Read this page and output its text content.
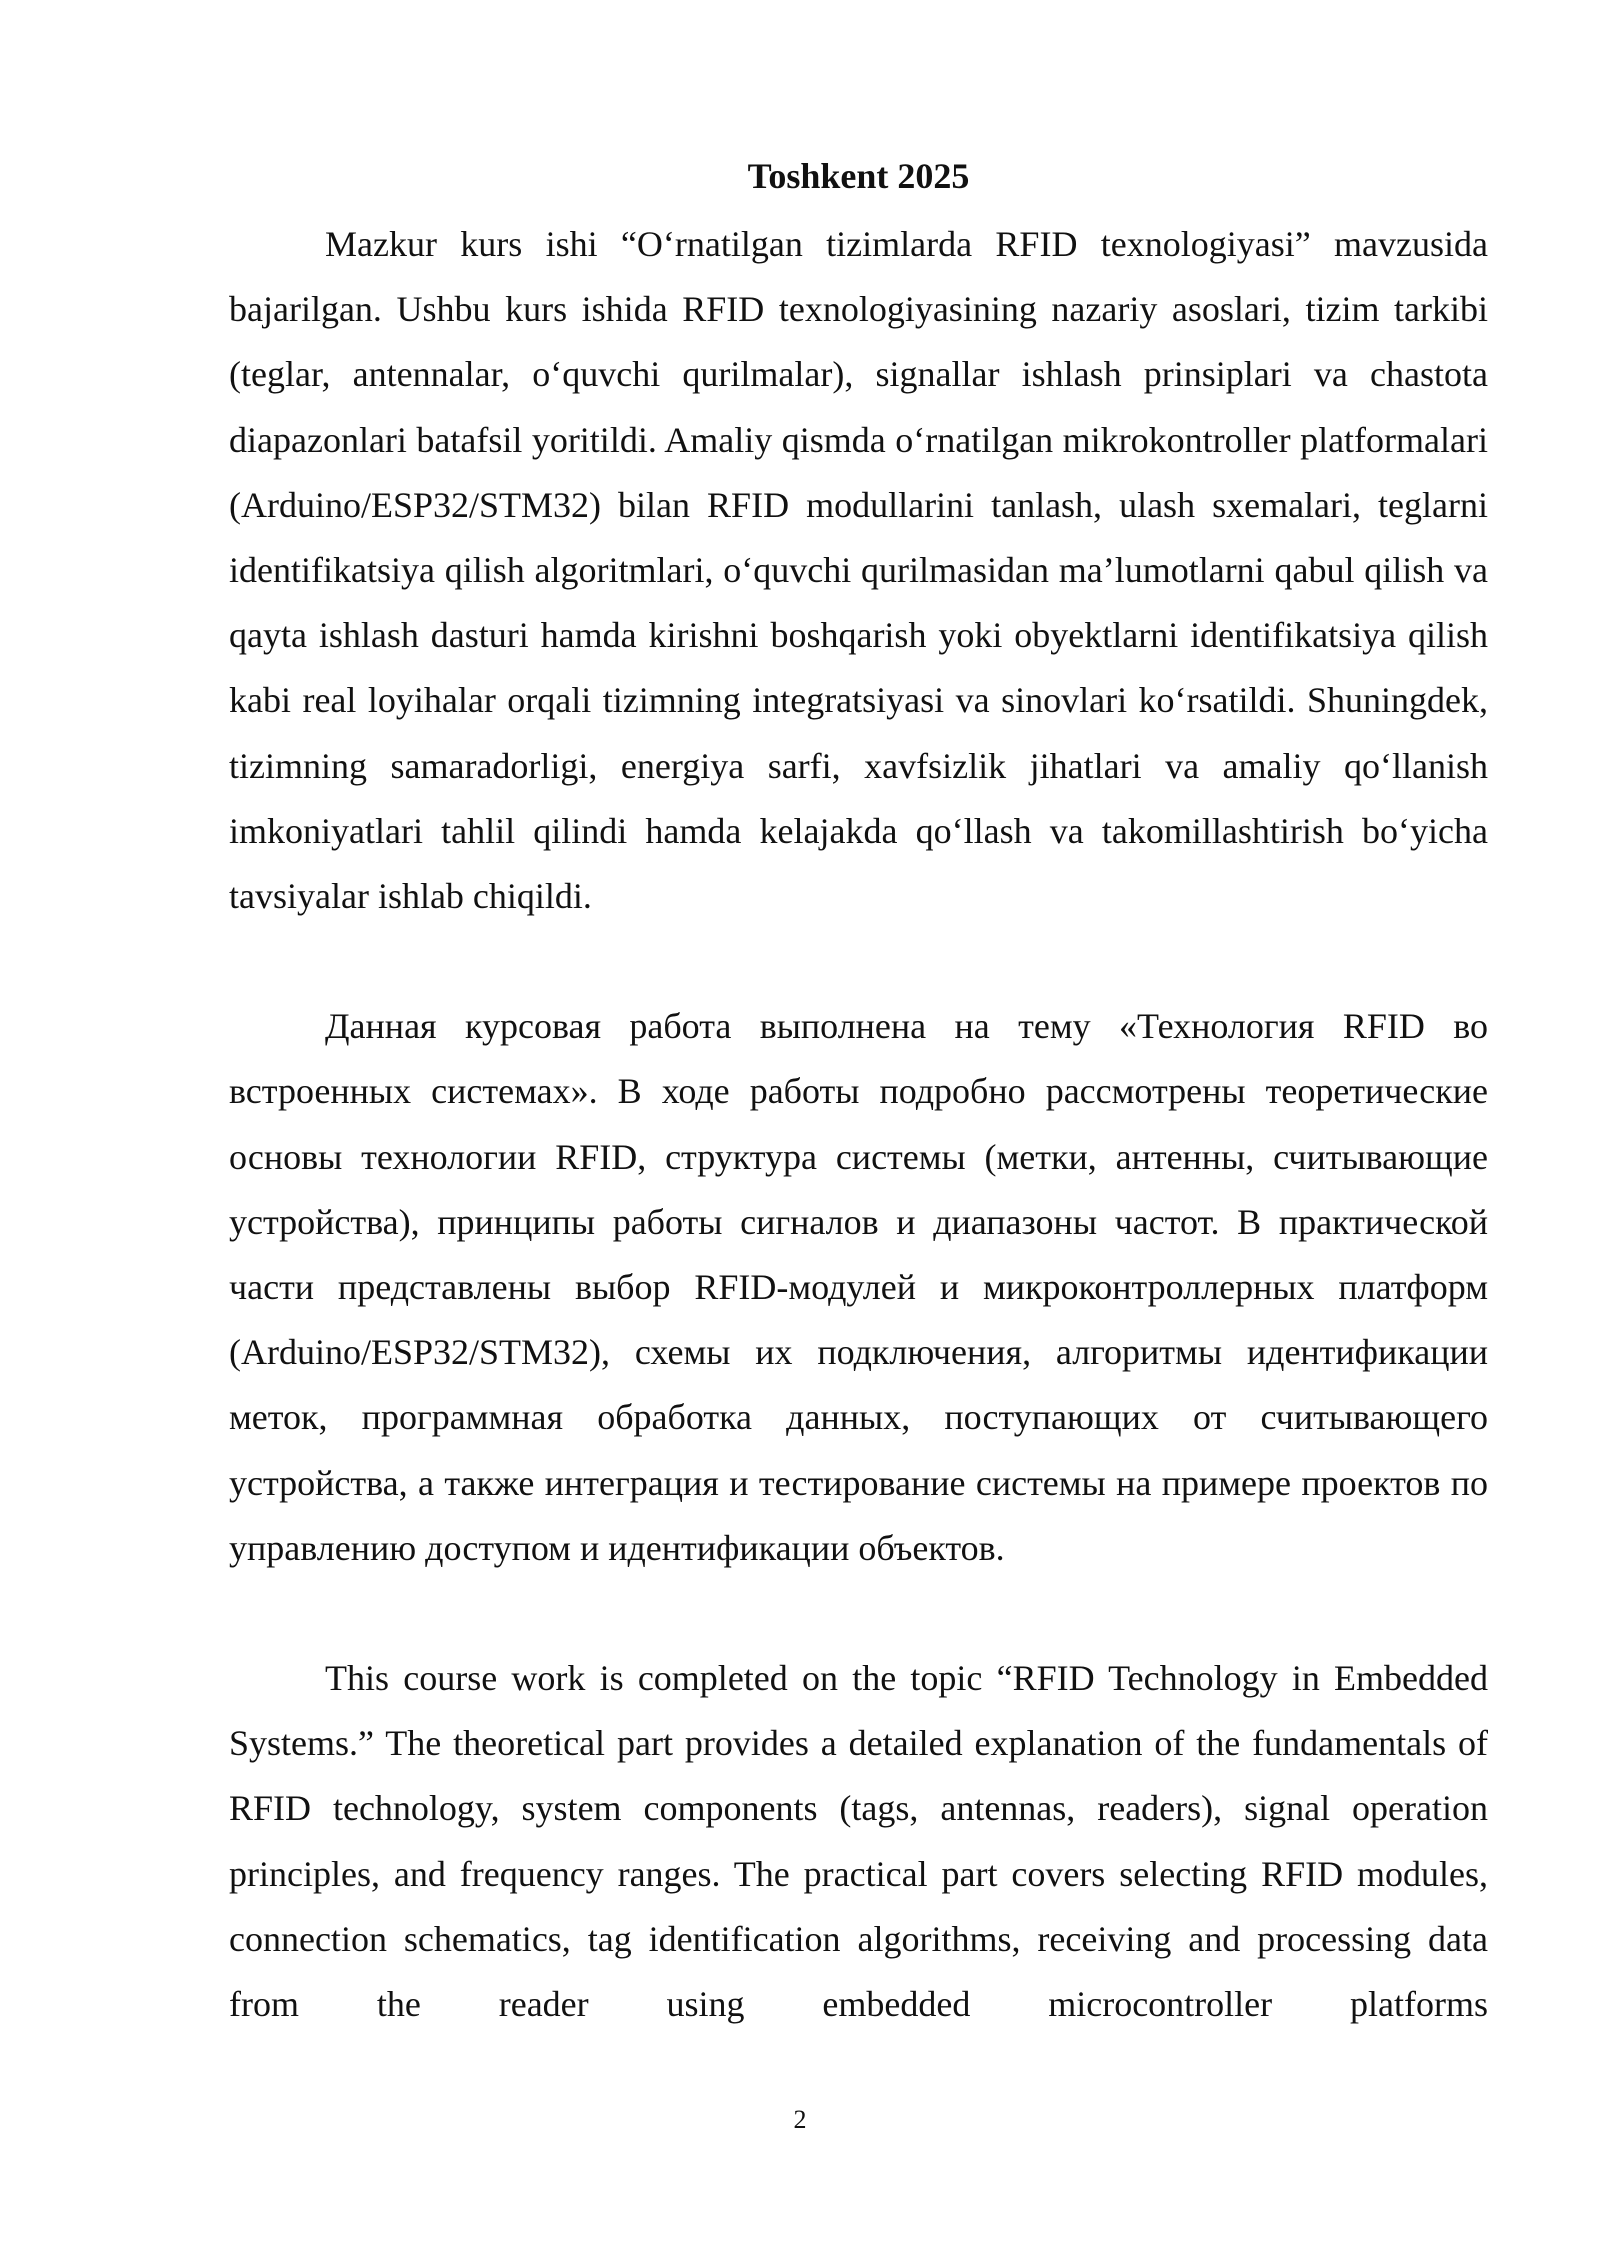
Toshkent 2025

Mazkur kurs ishi “O‘rnatilgan tizimlarda RFID texnologiyasi” mavzusida bajarilgan. Ushbu kurs ishida RFID texnologiyasining nazariy asoslari, tizim tarkibi (teglar, antennalar, o‘quvchi qurilmalar), signallar ishlash prinsiplari va chastota diapazonlari batafsil yoritildi. Amaliy qismda o‘rnatilgan mikrokontroller platformalari (Arduino/ESP32/STM32) bilan RFID modullarini tanlash, ulash sxemalari, teglarni identifikatsiya qilish algoritmlari, o‘quvchi qurilmasidan ma’lumotlarni qabul qilish va qayta ishlash dasturi hamda kirishni boshqarish yoki obyektlarni identifikatsiya qilish kabi real loyihalar orqali tizimning integratsiyasi va sinovlari ko‘rsatildi. Shuningdek, tizimning samaradorligi, energiya sarfi, xavfsizlik jihatlari va amaliy qo‘llanish imkoniyatlari tahlil qilindi hamda kelajakda qo‘llash va takomillashtirish bo‘yicha tavsiyalar ishlab chiqildi.

Данная курсовая работа выполнена на тему «Технология RFID во встроенных системах». В ходе работы подробно рассмотрены теоретические основы технологии RFID, структура системы (метки, антенны, считывающие устройства), принципы работы сигналов и диапазоны частот. В практической части представлены выбор RFID-модулей и микроконтроллерных платформ (Arduino/ESP32/STM32), схемы их подключения, алгоритмы идентификации меток, программная обработка данных, поступающих от считывающего устройства, а также интеграция и тестирование системы на примере проектов по управлению доступом и идентификации объектов.

This course work is completed on the topic “RFID Technology in Embedded Systems.” The theoretical part provides a detailed explanation of the fundamentals of RFID technology, system components (tags, antennas, readers), signal operation principles, and frequency ranges. The practical part covers selecting RFID modules, connection schematics, tag identification algorithms, receiving and processing data from the reader using embedded microcontroller platforms

2
